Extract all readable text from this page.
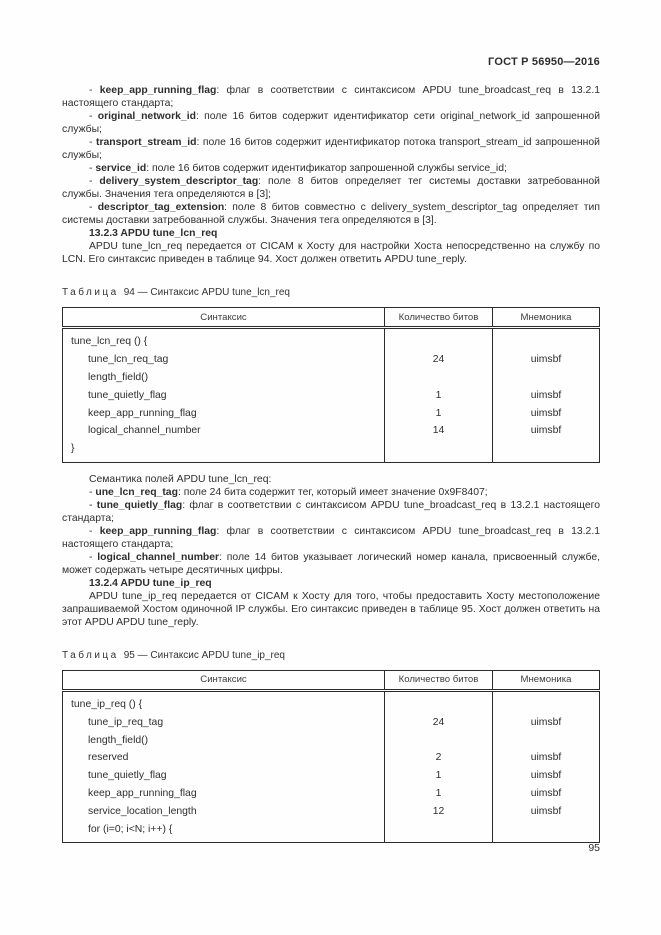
ГОСТ Р 56950—2016

- keep_app_running_flag: флаг в соответствии с синтаксисом APDU tune_broadcast_req в 13.2.1 настоящего стандарта;

- original_network_id: поле 16 битов содержит идентификатор сети original_network_id запрошенной службы;

- transport_stream_id: поле 16 битов содержит идентификатор потока transport_stream_id запрошенной службы;

- service_id: поле 16 битов содержит идентификатор запрошенной службы service_id;

- delivery_system_descriptor_tag: поле 8 битов определяет тег системы доставки затребованной службы. Значения тега определяются в [3];

- descriptor_tag_extension: поле 8 битов совместно с delivery_system_descriptor_tag определяет тип системы доставки затребованной службы. Значения тега определяются в [3].

13.2.3 APDU tune_lcn_req

APDU tune_lcn_req передается от CICAM к Хосту для настройки Хоста непосредственно на службу по LCN. Его синтаксис приведен в таблице 94. Хост должен ответить APDU tune_reply.

Таблица 94 — Синтаксис APDU tune_lcn_req

Синтаксис	Количество битов	Мнемоника
tune_lcn_req () {		
tune_lcn_req_tag	24	uimsbf
length_field()		
tune_quietly_flag	1	uimsbf
keep_app_running_flag	1	uimsbf
logical_channel_number	14	uimsbf
}		

Семантика полей APDU tune_lcn_req:

- une_lcn_req_tag: поле 24 бита содержит тег, который имеет значение 0x9F8407;

- tune_quietly_flag: флаг в соответствии с синтаксисом APDU tune_broadcast_req в 13.2.1 настоящего стандарта;

- keep_app_running_flag: флаг в соответствии с синтаксисом APDU tune_broadcast_req в 13.2.1 настоящего стандарта;

- logical_channel_number: поле 14 битов указывает логический номер канала, присвоенный службе, может содержать четыре десятичных цифры.

13.2.4 APDU tune_ip_req

APDU tune_ip_req передается от CICAM к Хосту для того, чтобы предоставить Хосту местоположение запрашиваемой Хостом одиночной IP службы. Его синтаксис приведен в таблице 95. Хост должен ответить на этот APDU APDU tune_reply.

Таблица 95 — Синтаксис APDU tune_ip_req

Синтаксис	Количество битов	Мнемоника
tune_ip_req () {		
tune_ip_req_tag	24	uimsbf
length_field()		
reserved	2	uimsbf
tune_quietly_flag	1	uimsbf
keep_app_running_flag	1	uimsbf
service_location_length	12	uimsbf
for (i=0; i<N; i++) {		
95
